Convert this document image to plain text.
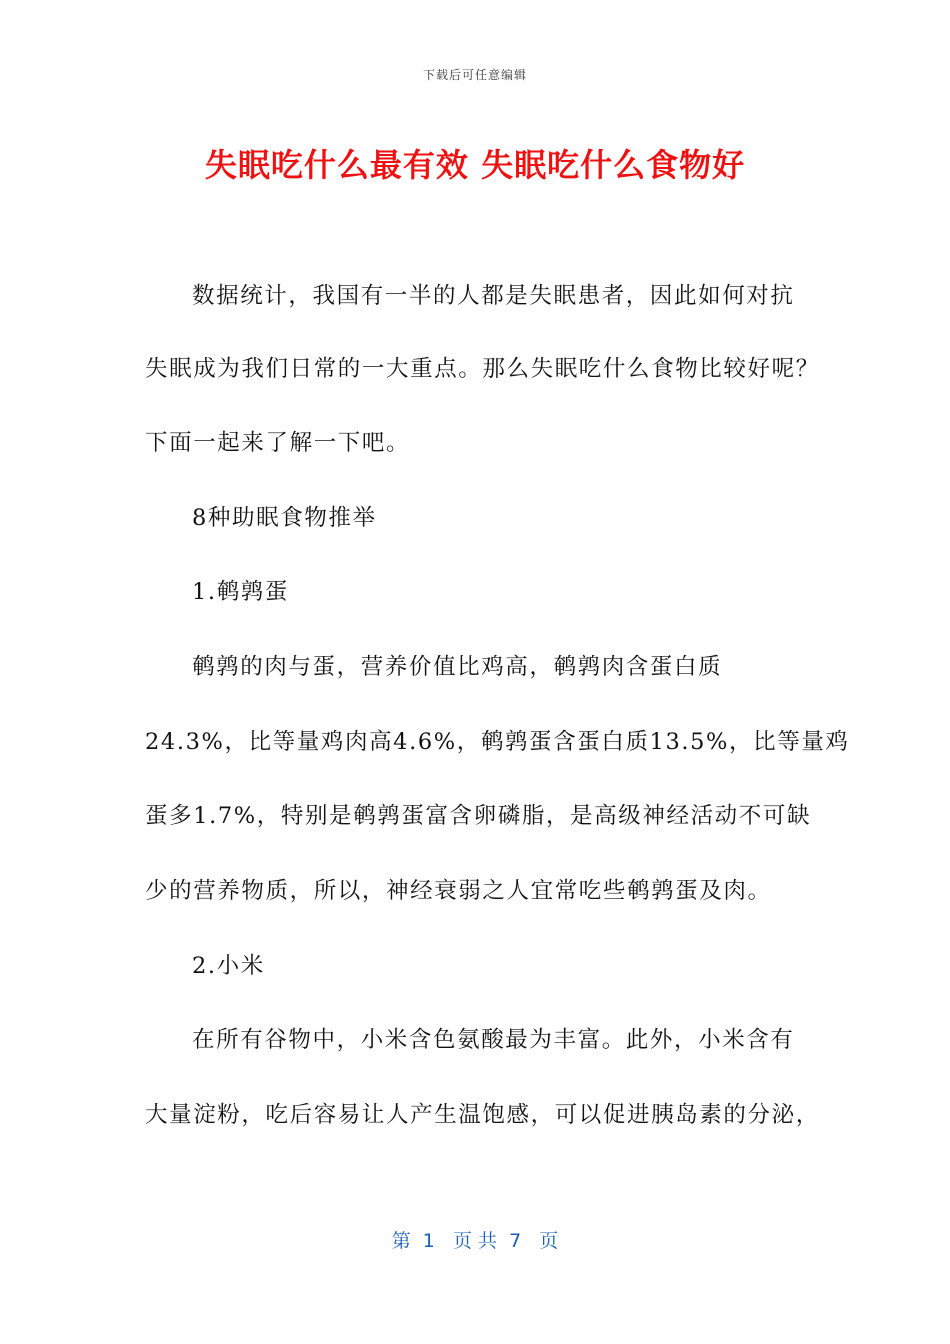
下载后可任意编辑
失眠吃什么最有效 失眠吃什么食物好
数据统计，我国有一半的人都是失眠患者，因此如何对抗
失眠成为我们日常的一大重点。那么失眠吃什么食物比较好呢？
下面一起来了解一下吧。
8种助眠食物推举
1.鹌鹑蛋
鹌鹑的肉与蛋，营养价值比鸡高，鹌鹑肉含蛋白质
24.3%，比等量鸡肉高4.6%，鹌鹑蛋含蛋白质13.5%，比等量鸡
蛋多1.7%，特别是鹌鹑蛋富含卵磷脂，是高级神经活动不可缺
少的营养物质，所以，神经衰弱之人宜常吃些鹌鹑蛋及肉。
2.小米
在所有谷物中，小米含色氨酸最为丰富。此外，小米含有
大量淀粉，吃后容易让人产生温饱感，可以促进胰岛素的分泌，
第  1   页 共  7   页
